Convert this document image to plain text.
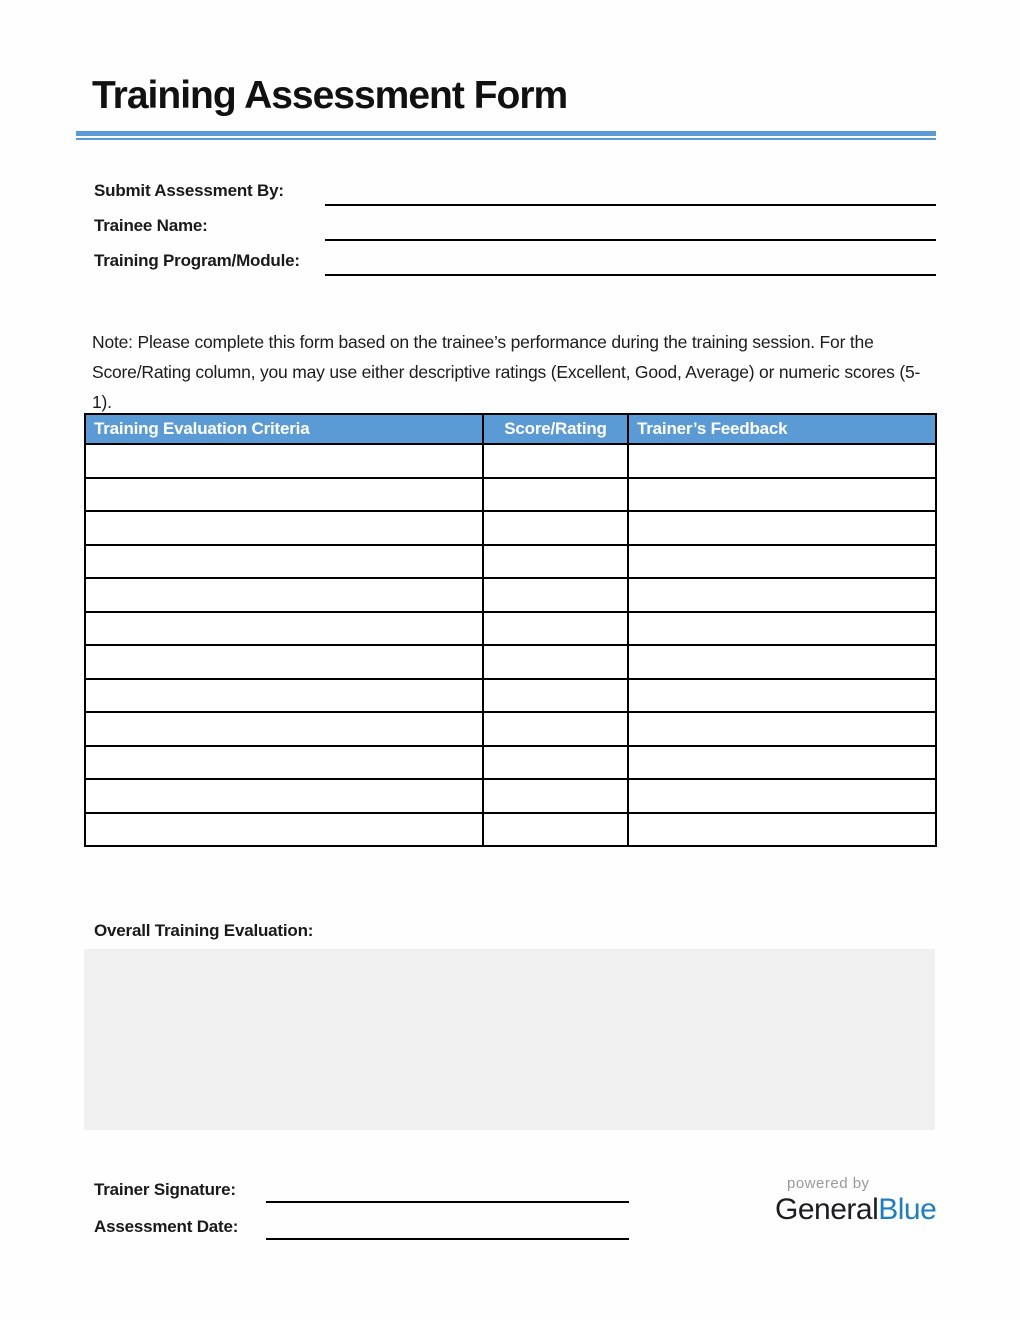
Training Assessment Form
Submit Assessment By:
Trainee Name:
Training Program/Module:

Note: Please complete this form based on the trainee’s performance during the training session. For the Score/Rating column, you may use either descriptive ratings (Excellent, Good, Average) or numeric scores (5-1).

Training Evaluation Criteria	Score/Rating	Trainer’s Feedback

Overall Training Evaluation:
Trainer Signature:
Assessment Date:
powered by
GeneralBlue
